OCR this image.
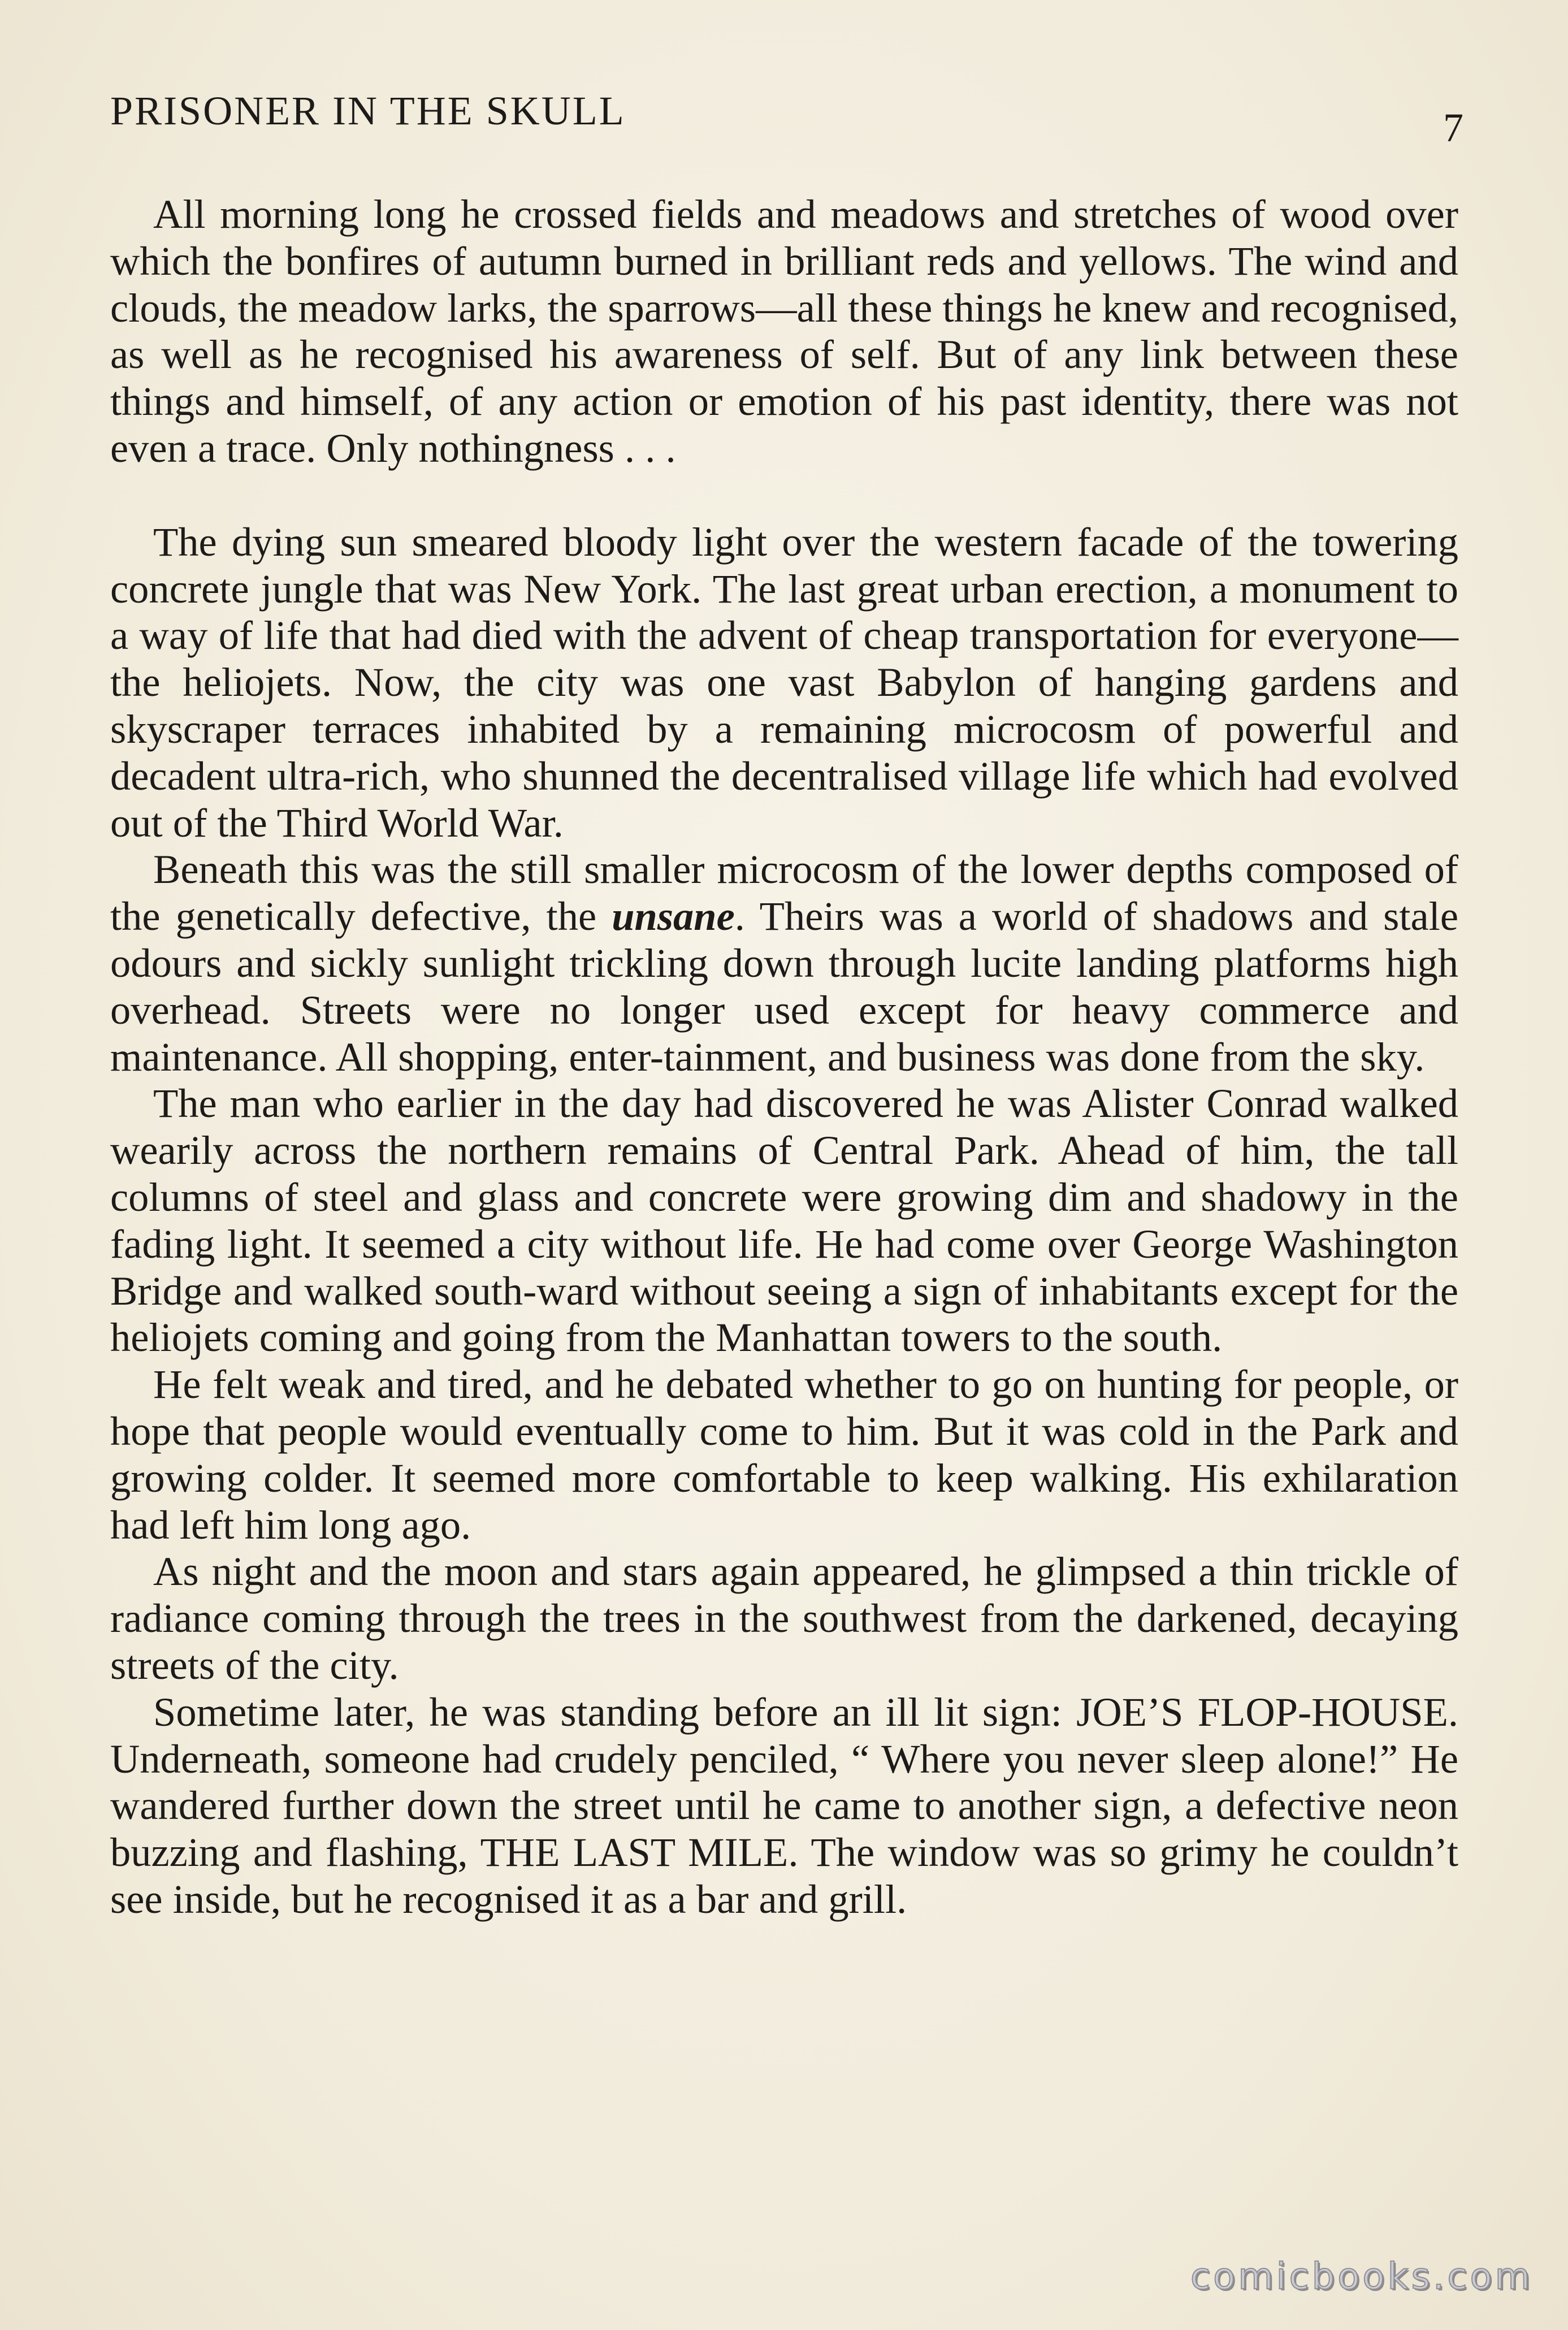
PRISONER IN THE SKULL	7

All morning long he crossed fields and meadows and stretches of wood over which the bonfires of autumn burned in brilliant reds and yellows. The wind and clouds, the meadow larks, the sparrows—all these things he knew and recognised, as well as he recognised his awareness of self. But of any link between these things and himself, of any action or emotion of his past identity, there was not even a trace. Only nothingness . . .

The dying sun smeared bloody light over the western facade of the towering concrete jungle that was New York. The last great urban erection, a monument to a way of life that had died with the advent of cheap transportation for everyone—the heliojets. Now, the city was one vast Babylon of hanging gardens and skyscraper terraces inhabited by a remaining microcosm of powerful and decadent ultra-rich, who shunned the decentralised village life which had evolved out of the Third World War.

Beneath this was the still smaller microcosm of the lower depths composed of the genetically defective, the unsane. Theirs was a world of shadows and stale odours and sickly sunlight trickling down through lucite landing platforms high overhead. Streets were no longer used except for heavy commerce and maintenance. All shopping, enter-tainment, and business was done from the sky.

The man who earlier in the day had discovered he was Alister Conrad walked wearily across the northern remains of Central Park. Ahead of him, the tall columns of steel and glass and concrete were growing dim and shadowy in the fading light. It seemed a city without life. He had come over George Washington Bridge and walked south-ward without seeing a sign of inhabitants except for the heliojets coming and going from the Manhattan towers to the south.

He felt weak and tired, and he debated whether to go on hunting for people, or hope that people would eventually come to him. But it was cold in the Park and growing colder. It seemed more comfortable to keep walking. His exhilaration had left him long ago.

As night and the moon and stars again appeared, he glimpsed a thin trickle of radiance coming through the trees in the southwest from the darkened, decaying streets of the city.

Sometime later, he was standing before an ill lit sign: JOE’S FLOP-HOUSE. Underneath, someone had crudely penciled, “ Where you never sleep alone!” He wandered further down the street until he came to another sign, a defective neon buzzing and flashing, THE LAST MILE. The window was so grimy he couldn’t see inside, but he recognised it as a bar and grill.

comicbooks.com
